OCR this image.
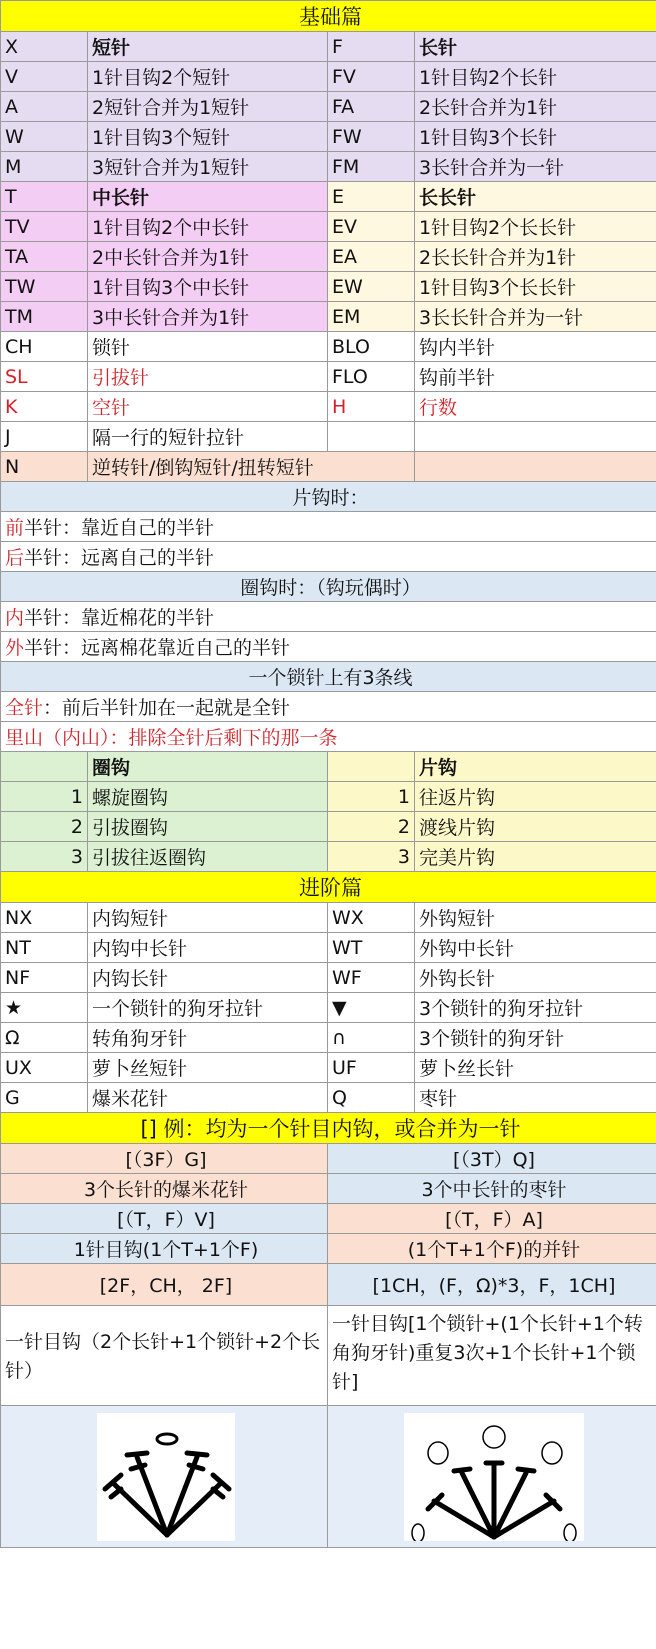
基础篇			
X	短针	F	长针
V	1针目钩2个短针	FV	1针目钩2个长针
A	2短针合并为1短针	FA	2长针合并为1针
W	1针目钩3个短针	FW	1针目钩3个长针
M	3短针合并为1短针	FM	3长针合并为一针
T	中长针	E	长长针
TV	1针目钩2个中长针	EV	1针目钩2个长长针
TA	2中长针合并为1针	EA	2长长针合并为1针
TW	1针目钩3个中长针	EW	1针目钩3个长长针
TM	3中长针合并为1针	EM	3长长针合并为一针
CH	锁针	BLO	钩内半针
SL	引拔针	FLO	钩前半针
K	空针	H	行数
J	隔一行的短针拉针		
N	逆转针/倒钩短针/扭转短针		
片钩时：			
前半针：靠近自己的半针			
后半针：远离自己的半针			
圈钩时：（钩玩偶时）			
内半针：靠近棉花的半针			
外半针：远离棉花靠近自己的半针			
一个锁针上有3条线			
全针：前后半针加在一起就是全针			
里山（内山）：排除全针后剩下的那一条			
	圈钩		片钩
1	螺旋圈钩	1	往返片钩
2	引拔圈钩	2	渡线片钩
3	引拔往返圈钩	3	完美片钩
进阶篇			
NX	内钩短针	WX	外钩短针
NT	内钩中长针	WT	外钩中长针
NF	内钩长针	WF	外钩长针
★	一个锁针的狗牙拉针	▼	3个锁针的狗牙拉针
Ω	转角狗牙针	∩	3个锁针的狗牙针
UX	萝卜丝短针	UF	萝卜丝长针
G	爆米花针	Q	枣针
[] 例：均为一个针目内钩，或合并为一针			
[（3F）G]		[（3T）Q]	
3个长针的爆米花针		3个中长针的枣针	
[（T，F）V]		[（T，F）A]	
1针目钩(1个T+1个F)		(1个T+1个F)的并针	
[2F，CH， 2F]		[1CH，(F，Ω)*3，F，1CH]	
一针目钩（2个长针+1个锁针+2个长针）		一针目钩[1个锁针+(1个长针+1个转角狗牙针)重复3次+1个长针+1个锁针]	
